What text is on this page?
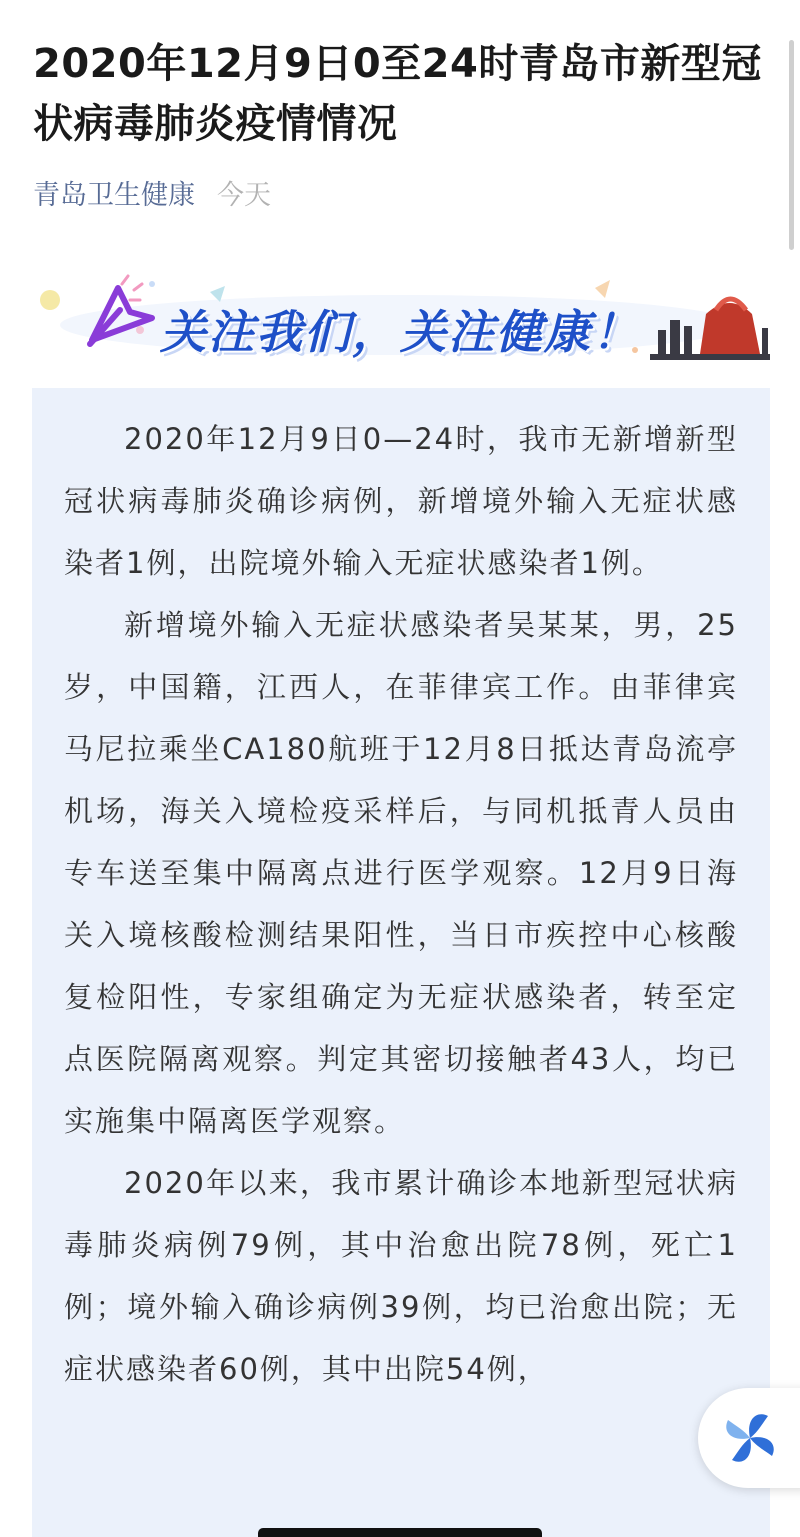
2020年12月9日0至24时青岛市新型冠状病毒肺炎疫情情况
青岛卫生健康 今天
关注我们，关注健康！

2020年12月9日0—24时，我市无新增新型冠状病毒肺炎确诊病例，新增境外输入无症状感染者1例，出院境外输入无症状感染者1例。

新增境外输入无症状感染者吴某某，男，25岁，中国籍，江西人，在菲律宾工作。由菲律宾马尼拉乘坐CA180航班于12月8日抵达青岛流亭机场，海关入境检疫采样后，与同机抵青人员由专车送至集中隔离点进行医学观察。12月9日海关入境核酸检测结果阳性，当日市疾控中心核酸复检阳性，专家组确定为无症状感染者，转至定点医院隔离观察。判定其密切接触者43人，均已实施集中隔离医学观察。

2020年以来，我市累计确诊本地新型冠状病毒肺炎病例79例，其中治愈出院78例，死亡1例；境外输入确诊病例39例，均已治愈出院；无症状感染者60例，其中出院54例，
